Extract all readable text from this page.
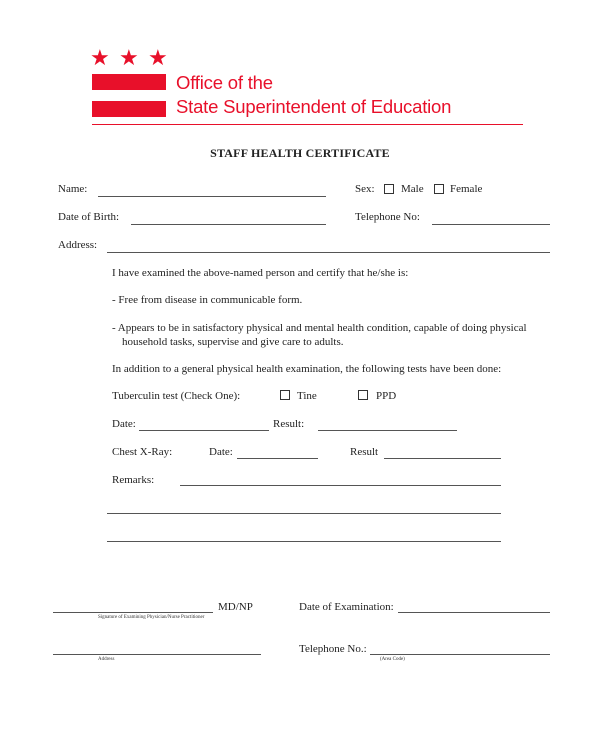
★ ★ ★
Office of the
State Superintendent of Education
STAFF HEALTH CERTIFICATE
Name:	Sex: Male Female
Date of Birth:	Telephone No:
Address:
I have examined the above-named person and certify that he/she is:
- Free from disease in communicable form.
- Appears to be in satisfactory physical and mental health condition, capable of doing physical
household tasks, supervise and give care to adults.
In addition to a general physical health examination, the following tests have been done:
Tuberculin test (Check One):	Tine	PPD
Date:	Result:
Chest X-Ray:	Date:	Result
Remarks:
MD/NP
Signature of Examining Physician/Nurse Practitioner
Date of Examination:
Address
Telephone No.:
(Area Code)
